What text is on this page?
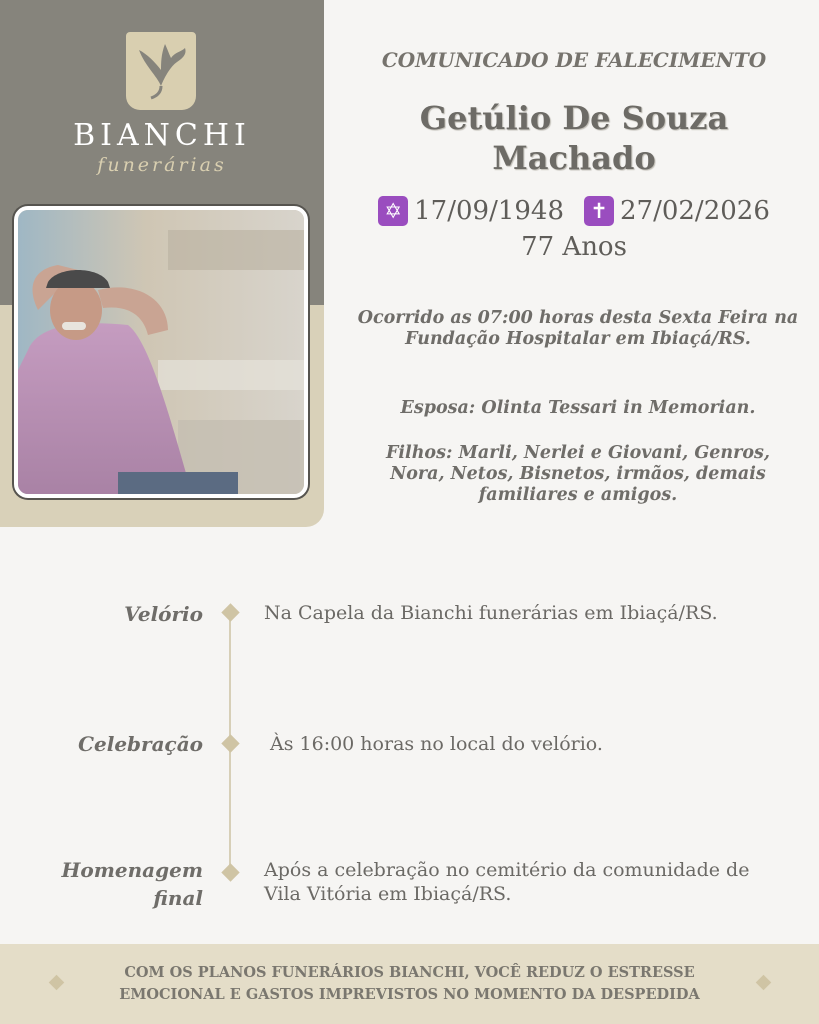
BIANCHI
funerárias
COMUNICADO DE FALECIMENTO
Getúlio De Souza
Machado
✡ 17/09/1948 ✝ 27/02/2026
77 Anos
Ocorrido as 07:00 horas desta Sexta Feira na Fundação Hospitalar em Ibiaçá/RS.
Esposa: Olinta Tessari in Memorian.
Filhos: Marli, Nerlei e Giovani, Genros, Nora, Netos, Bisnetos, irmãos, demais familiares e amigos.
Velório	Na Capela da Bianchi funerárias em Ibiaçá/RS.
Celebração	Às 16:00 horas no local do velório.
Homenagem
final
Após a celebração no cemitério da comunidade de
Vila Vitória em Ibiaçá/RS.
COM OS PLANOS FUNERÁRIOS BIANCHI, VOCÊ REDUZ O ESTRESSE
EMOCIONAL E GASTOS IMPREVISTOS NO MOMENTO DA DESPEDIDA
